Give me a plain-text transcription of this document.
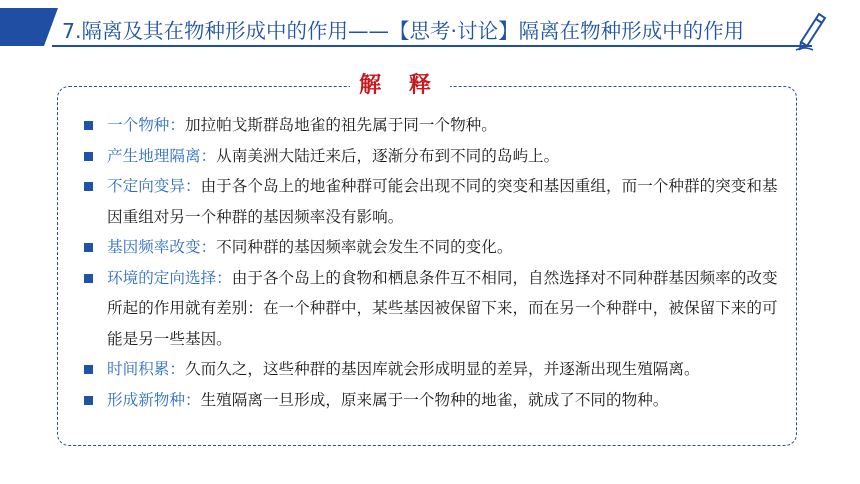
7.隔离及其在物种形成中的作用——【思考·讨论】隔离在物种形成中的作用
解 释
一个物种：加拉帕戈斯群岛地雀的祖先属于同一个物种。
产生地理隔离：从南美洲大陆迁来后，逐渐分布到不同的岛屿上。
不定向变异：由于各个岛上的地雀种群可能会出现不同的突变和基因重组，而一个种群的突变和基因重组对另一个种群的基因频率没有影响。
基因频率改变：不同种群的基因频率就会发生不同的变化。
环境的定向选择：由于各个岛上的食物和栖息条件互不相同，自然选择对不同种群基因频率的改变所起的作用就有差别：在一个种群中，某些基因被保留下来，而在另一个种群中，被保留下来的可能是另一些基因。
时间积累：久而久之，这些种群的基因库就会形成明显的差异，并逐渐出现生殖隔离。
形成新物种：生殖隔离一旦形成，原来属于一个物种的地雀，就成了不同的物种。
